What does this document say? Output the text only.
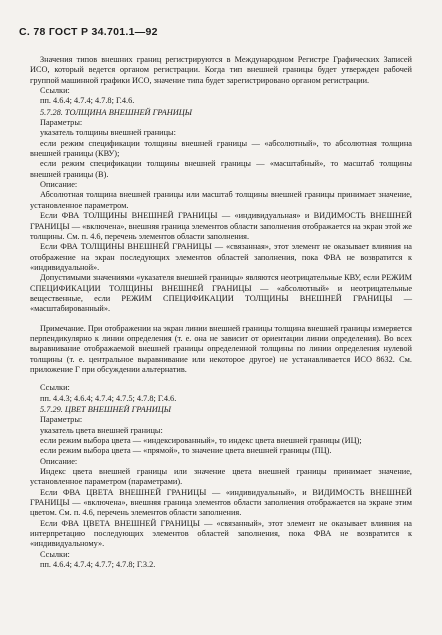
С. 78 ГОСТ Р 34.701.1—92

Значения типов внешних границ регистрируются в Международном Регистре Графических Записей ИСО, который ведется органом регистрации. Когда тип внешней границы будет утвержден рабочей группой машинной графики ИСО, значение типа будет зарегистрировано органом регистрации.

Ссылки:

пп. 4.6.4; 4.7.4; 4.7.8; Г.4.6.

5.7.28. ТОЛЩИНА ВНЕШНЕЙ ГРАНИЦЫ

Параметры:

указатель толщины внешней границы:

если режим спецификации толщины внешней границы — «абсолютный», то абсолютная толщина внешней границы (КВУ);

если режим спецификации толщины внешней границы — «масштабный», то масштаб толщины внешней границы (В).

Описание:

Абсолютная толщина внешней границы или масштаб толщины внешней границы принимает значение, установленное параметром.

Если ФВА ТОЛЩИНЫ ВНЕШНЕЙ ГРАНИЦЫ — «индивидуальная» и ВИДИМОСТЬ ВНЕШНЕЙ ГРАНИЦЫ — «включена», внешняя граница элементов области заполнения отображается на экран этой же толщины. См. п. 4.6, перечень элементов области заполнения.

Если ФВА ТОЛЩИНЫ ВНЕШНЕЙ ГРАНИЦЫ — «связанная», этот элемент не оказывает влияния на отображение на экран последующих элементов областей заполнения, пока ФВА не возвратится к «индивидуальной».

Допустимыми значениями «указателя внешней границы» являются неотрицательные КВУ, если РЕЖИМ СПЕЦИФИКАЦИИ ТОЛЩИНЫ ВНЕШНЕЙ ГРАНИЦЫ — «абсолютный» и неотрицательные вещественные, если РЕЖИМ СПЕЦИФИКАЦИИ ТОЛЩИНЫ ВНЕШНЕЙ ГРАНИЦЫ — «масштабированный».

Примечание. При отображении на экран линии внешней границы толщина внешней границы измеряется перпендикулярно к линии определения (т. е. она не зависит от ориентации линии определения). Во всех выравнивание отображаемой внешней границы определенной толщины по линии определения нулевой толщины (т. е. центральное выравнивание или некоторое другое) не устанавливается ИСО 8632. См. приложение Г при обсуждении альтернатив.

Ссылки:

пп. 4.4.3; 4.6.4; 4.7.4; 4.7.5; 4.7.8; Г.4.6.

5.7.29. ЦВЕТ ВНЕШНЕЙ ГРАНИЦЫ

Параметры:

указатель цвета внешней границы:

если режим выбора цвета — «индексированный», то индекс цвета внешней границы (ИЦ);

если режим выбора цвета — «прямой», то значение цвета внешней границы (ПЦ).

Описание:

Индекс цвета внешней границы или значение цвета внешней границы принимает значение, установленное параметром (параметрами).

Если ФВА ЦВЕТА ВНЕШНЕЙ ГРАНИЦЫ — «индивидуальный», и ВИДИМОСТЬ ВНЕШНЕЙ ГРАНИЦЫ — «включена», внешняя граница элементов области заполнения отображается на экране этим цветом. См. п. 4.6, перечень элементов области заполнения.

Если ФВА ЦВЕТА ВНЕШНЕЙ ГРАНИЦЫ — «связанный», этот элемент не оказывает влияния на интерпретацию последующих элементов областей заполнения, пока ФВА не возвратится к «индивидуальному».

Ссылки:

пп. 4.6.4; 4.7.4; 4.7.7; 4.7.8; Г.3.2.
